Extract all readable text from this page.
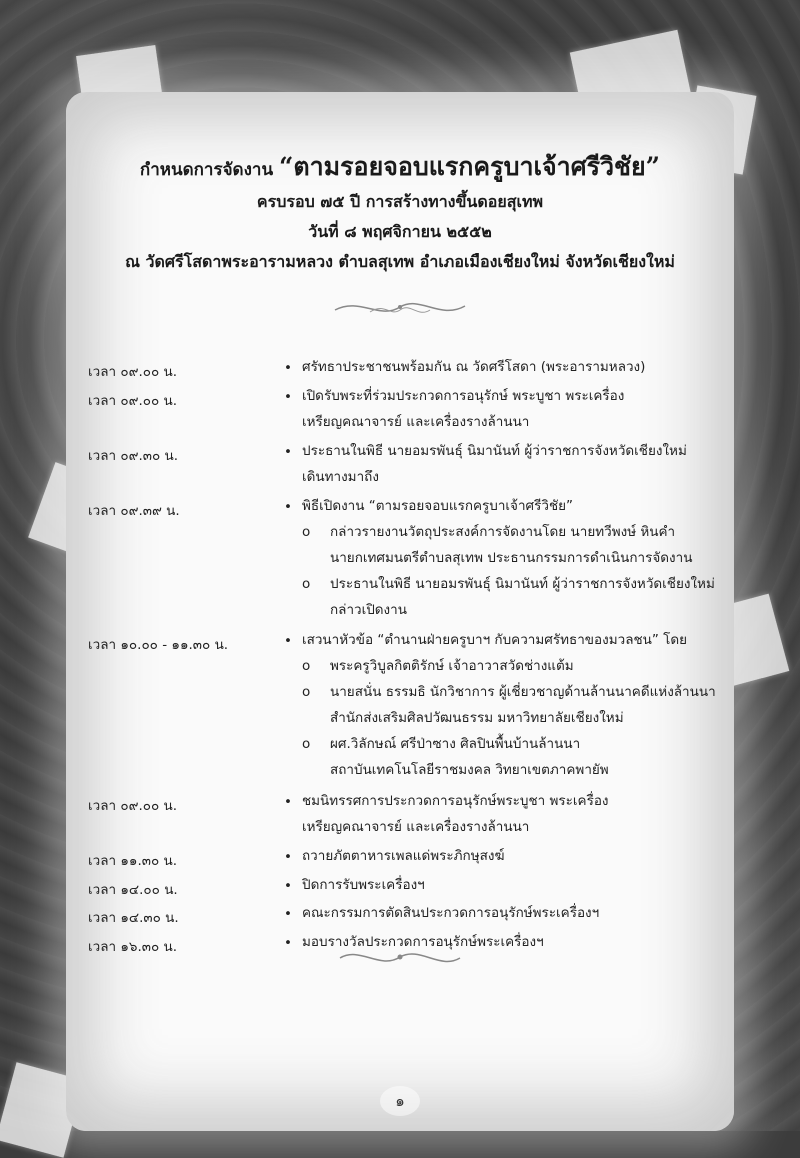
กำหนดการจัดงาน “ตามรอยจอบแรกครูบาเจ้าศรีวิชัย”
ครบรอบ ๗๕ ปี การสร้างทางขึ้นดอยสุเทพ
วันที่ ๘ พฤศจิกายน ๒๕๕๒
ณ วัดศรีโสดาพระอารามหลวง ตำบลสุเทพ อำเภอเมืองเชียงใหม่ จังหวัดเชียงใหม่
เวลา ๐๙.๐๐ น.	• ศรัทธาประชาชนพร้อมกัน ณ วัดศรีโสดา (พระอารามหลวง)
เวลา ๐๙.๐๐ น.	• เปิดรับพระที่ร่วมประกวดการอนุรักษ์ พระบูชา พระเครื่อง
เหรียญคณาจารย์ และเครื่องรางล้านนา
เวลา ๐๙.๓๐ น.	• ประธานในพิธี นายอมรพันธุ์ นิมานันท์ ผู้ว่าราชการจังหวัดเชียงใหม่
เดินทางมาถึง
เวลา ๐๙.๓๙ น.	• พิธีเปิดงาน “ตามรอยจอบแรกครูบาเจ้าศรีวิชัย”
o กล่าวรายงานวัตถุประสงค์การจัดงานโดย นายทวีพงษ์ หินคำ
นายกเทศมนตรีตำบลสุเทพ ประธานกรรมการดำเนินการจัดงาน
o ประธานในพิธี นายอมรพันธุ์ นิมานันท์ ผู้ว่าราชการจังหวัดเชียงใหม่
กล่าวเปิดงาน
เวลา ๑๐.๐๐ - ๑๑.๓๐ น.	• เสวนาหัวข้อ “ตำนานฝ่ายครูบาฯ กับความศรัทธาของมวลชน” โดย
o พระครูวิบูลกิตติรักษ์ เจ้าอาวาสวัดช่างแต้ม
o นายสนั่น ธรรมธิ นักวิชาการ ผู้เชี่ยวชาญด้านล้านนาคดีแห่งล้านนา
สำนักส่งเสริมศิลปวัฒนธรรม มหาวิทยาลัยเชียงใหม่
o ผศ.วิลักษณ์ ศรีป่าซาง ศิลปินพื้นบ้านล้านนา
สถาบันเทคโนโลยีราชมงคล วิทยาเขตภาคพายัพ
เวลา ๐๙.๐๐ น.	• ชมนิทรรศการประกวดการอนุรักษ์พระบูชา พระเครื่อง
เหรียญคณาจารย์ และเครื่องรางล้านนา
เวลา ๑๑.๓๐ น.	• ถวายภัตตาหารเพลแด่พระภิกษุสงฆ์
เวลา ๑๔.๐๐ น.	• ปิดการรับพระเครื่องฯ
เวลา ๑๔.๓๐ น.	• คณะกรรมการตัดสินประกวดการอนุรักษ์พระเครื่องฯ
เวลา ๑๖.๓๐ น.	• มอบรางวัลประกวดการอนุรักษ์พระเครื่องฯ
๑
